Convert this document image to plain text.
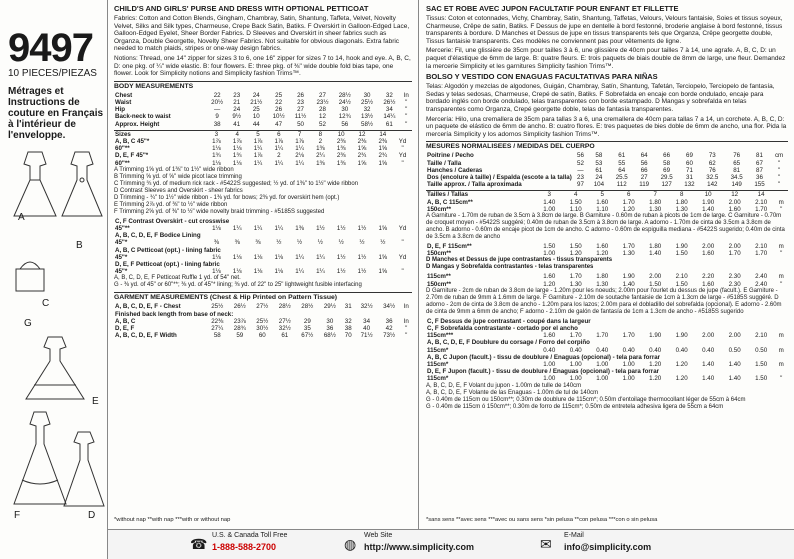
9497
10 PIECES/PIEZAS
Métrages et Instructions de couture en Français à l'intérieur de l'enveloppe.
A
B
C
G
E
F	D
CHILD'S AND GIRLS' PURSE AND DRESS WITH OPTIONAL PETTICOAT
Fabrics: Cotton and Cotton Blends, Gingham, Chambray, Satin, Shantung, Taffeta, Velvet, Novelty Velvet, Silks and Silk types, Charmeuse, Crepe Back Satin, Batiks. F Overskirt in Galloon-Edged Lace, Galloon-Edged Eyelet, Sheer Border Fabrics. D Sleeves and Overskirt in sheer fabrics such as Organza, Double Georgette, Novelty Sheer Fabrics. Not suitable for obvious diagonals. Extra fabric needed to match plaids, stripes or one-way design fabrics.
Notions: Thread, one 14" zipper for sizes 3 to 6, one 16" zipper for sizes 7 to 14, hook and eye. A, B, C, D: one pkg. of ¼" wide elastic. B: four flowers. E: three pkg. of ⅜" wide double fold bias tape, one flower. Look for Simplicity notions and Simplicity fashion Trims™.
BODY MEASUREMENTS
Chest	22	23	24	25	26	27	28½	30	32	In
Waist	20½	21	21½	22	23	23½	24½	25½	26½	"
Hip	—	24	25	26	27	28	30	32	34	"
Back-neck to waist	9	9½	10	10½	11½	12	12¾	13½	14¼	"
Approx. Height	38	41	44	47	50	52	56	58½	61	"
Sizes	3	4	5	6	7	8	10	12	14	
A, B, C 45"*	1⅞	1⅞	1⅞	1⅞	1⅞	2	2⅜	2⅜	2⅜	Yd
60"**	1⅛	1⅛	1¼	1¼	1¼	1⅜	1⅜	1⅝	1⅝	"
D, E, F 45"*	1¾	1¾	1⅞	2	2⅛	2¼	2⅜	2¾	2¾	Yd
60"**	1⅛	1⅛	1¼	1¼	1¼	1⅜	1⅜	1⅝	1⅝	"
A Trimming 1⅝ yd. of 1⅜" to 1½" wide ribbon
B Trimming ⅝ yd. of ⅝" wide picot lace trimming
C Trimming ¾ yd. of medium rick rack - #5422S suggested; ½ yd. of 1⅜" to 1½" wide ribbon
D Contrast Sleeves and Overskirt - sheer fabrics
D Trimming - ¾" to 1½" wide ribbon - 1⅜ yd. for bows; 2⅜ yd. for overskirt hem (opt.)
E Trimming 2⅞ yd. of ⅜" to ½" wide ribbon
F Trimming 2⅝ yd. of ⅜" to ½" wide novelty braid trimming - #5185S suggested
C, F Contrast Overskirt - cut crosswise										
45"**	1⅛	1¼	1¼	1¼	1⅜	1½	1½	1½	1⅝	Yd
A, B, C, D, E, F Bodice Lining										
45"*	⅜	⅜	⅜	½	½	½	½	½	½	"
A, B, C Petticoat (opt.) - lining fabric										
45"*	1⅛	1⅛	1⅛	1⅛	1¼	1¼	1½	1½	1⅝	Yd
D, E, F Petticoat (opt.) - lining fabric										
45"*	1⅛	1⅛	1⅛	1⅛	1¼	1¼	1½	1½	1⅝	"
A, B, C, D, E, F Petticoat Ruffle 1 yd. of 54" net.
G - ⅜ yd. of 45" or 60"**; ⅜ yd. of 45"* lining; ⅜ yd. of 22" to 25" lightweight fusible interfacing
GARMENT MEASUREMENTS (Chest & Hip Printed on Pattern Tissue)
A, B, C, D, E, F - Chest	25½	26½	27½	28½	28½	29½	31	32½	34½	In
Finished back length from base of neck:										
A, B, C	22⅜	23⅞	25½	27½	29	30	32	34	36	In
D, E, F	27¼	28¾	30½	32½	35	36	38	40	42	"
A, B, C, D, E, F Width	58	59	60	61	67½	68½	70	71½	73½	"
*without nap **with nap ***with or without nap
SAC ET ROBE AVEC JUPON FACULTATIF POUR ENFANT ET FILLETTE
Tissus: Coton et cotonnades, Vichy, Chambray, Satin, Shantung, Taffetas, Velours, Velours fantaisie, Soies et tissus soyeux, Charmeuse, Crêpe de satin, Batiks. F Dessus de jupe en dentelle à bord festonné, broderie anglaise à bord festonné, tissus transparents à bordure. D Manches et Dessus de jupe en tissus transparents tels que Organza, Crêpe georgette double, Tissus fantaisie transparents. Ces modèles ne conviennent pas pour vêtements de ligne.
Mercerie: Fil, une glissière de 35cm pour tailles 3 à 6, une glissière de 40cm pour tailles 7 à 14, une agrafe. A, B, C, D: un paquet d'élastique de 6mm de large. B: quatre fleurs. E: trois paquets de biais double de 8mm de large, une fleur. Demandez la mercerie Simplicity et les garnitures Simplicity fashion Trims™.
BOLSO Y VESTIDO CON ENAGUAS FACULTATIVAS PARA NIÑAS
Telas: Algodón y mezclas de algodones, Guigán, Chambray, Satín, Shantung, Tafetán, Terciopelo, Terciopelo de fantasía, Sedas y telas sedosas, Charmeuse, Crepé de satín, Batiks. F Sobrefalda en encaje con borde ondulado, encaje para bordado inglés con borde ondulado, telas transparentes con borde estampado. D Mangas y sobrefalda en telas transparentes como Organza, Crepé georgette doble, telas de fantasía transparentes.
Mercería: Hilo, una cremallera de 35cm para tallas 3 a 6, una cremallera de 40cm para tallas 7 a 14, un corchete. A, B, C, D: un paquete de elástico de 6mm de ancho. B: cuatro flores. E: tres paquetes de bies doble de 6mm de ancho, una flor. Pida la mercería Simplicity y los adornos Simplicity fashion Trims™.
MESURES NORMALISEES / MEDIDAS DEL CUERPO
Poitrine / Pecho	56	58	61	64	66	69	73	76	81	cm
Taille / Talla	52	53	55	56	58	60	62	65	67	"
Hanches / Caderas	—	61	64	66	69	71	76	81	87	"
Dos (encolure à taille) / Espalda (escote a la talla)	23	24	25.5	27	29.5	31	32.5	34.5	36	"
Taille approx. / Talla aproximada	97	104	112	119	127	132	142	149	155	"
Tailles / Tallas	3	4	5	6	7	8	10	12	14	
A, B, C 115cm**	1.40	1.50	1.60	1.70	1.80	1.80	1.90	2.00	2.10	m
150cm**	1.00	1.10	1.10	1.20	1.30	1.30	1.40	1.60	1.70	"
A Garniture - 1.70m de ruban de 3.5cm à 3.8cm de large. B Garniture - 0.60m de ruban à picots de 1cm de large. C Garniture - 0.70m de croquet moyen - #5422S suggéré; 0.40m de ruban de 3.5cm à 3.8cm de large. A adorno - 1.70m de cinta de 3.5cm a 3.8cm de ancho. B adorno - 0.60m de encaje picot de 1cm de ancho. C adorno - 0.60m de espiguilla mediana - #5422S sugerido; 0.40m de cinta de 3.5cm a 3.8cm de ancho
D, E, F 115cm**	1.50	1.50	1.60	1.70	1.80	1.90	2.00	2.00	2.10	m
150cm**	1.00	1.20	1.20	1.30	1.40	1.50	1.60	1.70	1.70	"
D Manches et Dessus de jupe contrastantes - tissus transparents
D Mangas y Sobrefalda contrastantes - telas transparentes
115cm**	1.60	1.70	1.80	1.90	2.00	2.10	2.20	2.30	2.40	m
150cm**	1.20	1.30	1.30	1.40	1.50	1.50	1.60	2.30	2.40	"
D Garniture - 2cm de ruban de 3.8cm de large - 1.20m pour les noeuds; 2.00m pour l'ourlet du dessus de jupe (facult.). E Garniture - 2.70m de ruban de 9mm à 1.6mm de large. F Garniture - 2.10m de soutache fantaisie de 1cm à 1.3cm de large - #5185S suggéré. D adorno - 2cm de cinta de 3.8cm de ancho - 1.20m para los lazos; 2.00m para el dobladillo del sobrefalda (opcional). E adorno - 2.60m de cinta de 9mm a 6mm de ancho; F adorno - 2.10m de galón de fantasía de 1cm a 1.3cm de ancho - #5185S sugerido
C, F Dessus de jupe contrastant - coupé dans la largeur										
C, F Sobrefalda contrastante - cortado por el ancho										
115cm***	1.60	1.70	1.70	1.70	1.90	1.90	2.00	2.00	2.10	m
A, B, C, D, E, F Doublure du corsage / Forro del corpiño										
115cm*	0.40	0.40	0.40	0.40	0.40	0.40	0.40	0.50	0.50	m
A, B, C Jupon (facult.) - tissu de doublure / Enaguas (opcional) - tela para forrar										
115cm*	1.00	1.00	1.00	1.00	1.20	1.20	1.40	1.40	1.50	m
D, E, F Jupon (facult.) - tissu de doublure / Enaguas (opcional) - tela para forrar										
115cm*	1.00	1.00	1.00	1.00	1.20	1.20	1.40	1.40	1.50	"
A, B, C, D, E, F Volant du jupon - 1.00m de tulle de 140cm
A, B, C, D, E, F Volante de las Enaguas - 1.00m de tul de 140cm
G - 0.40m de 115cm ou 150cm**; 0.30m de doublure de 115cm*; 0.50m d'entoilage thermocollant léger de 55cm à 64cm
G - 0.40m de 115cm ó 150cm**; 0.30m de forro de 115cm*; 0.50m de entretela adhesiva ligera de 55cm a 64cm
*sans sens **avec sens ***avec ou sans sens *sin pelusa **con pelusa ***con o sin pelusa
☎
U.S. & Canada Toll Free
1-888-588-2700	◍
Web Site
http://www.simplicity.com	✉
E-Mail
info@simplicity.com
